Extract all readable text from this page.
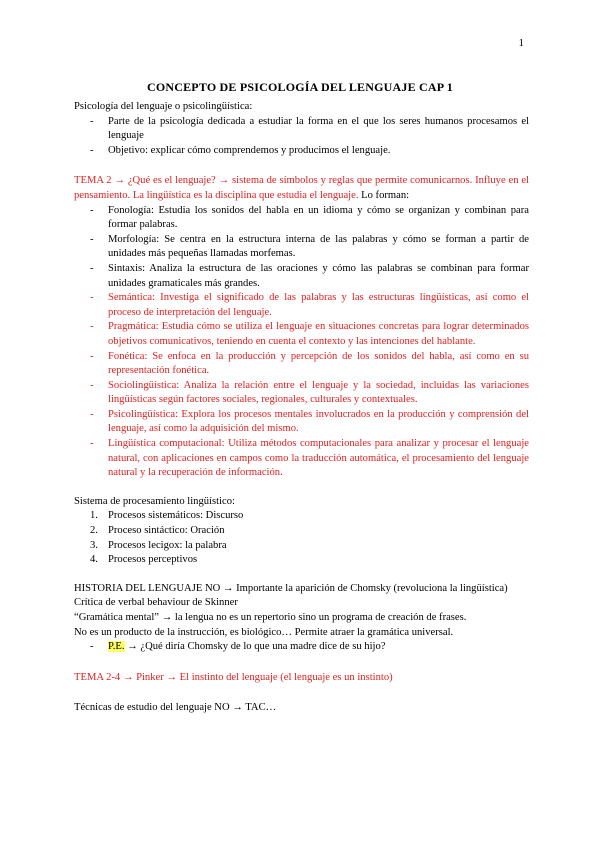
1
CONCEPTO DE PSICOLOGÍA DEL LENGUAJE CAP 1

Psicología del lenguaje o psicolingüística:

- Parte de la psicología dedicada a estudiar la forma en el que los seres humanos procesamos el lenguaje
- Objetivo: explicar cómo comprendemos y producimos el lenguaje.

TEMA 2 → ¿Qué es el lenguaje? → sistema de símbolos y reglas que permite comunicarnos. Influye en el pensamiento. La lingüística es la disciplina que estudia el lenguaje. Lo forman:

- Fonología: Estudia los sonidos del habla en un idioma y cómo se organizan y combinan para formar palabras.
- Morfología: Se centra en la estructura interna de las palabras y cómo se forman a partir de unidades más pequeñas llamadas morfemas.
- Sintaxis: Analiza la estructura de las oraciones y cómo las palabras se combinan para formar unidades gramaticales más grandes.
- Semántica: Investiga el significado de las palabras y las estructuras lingüísticas, así como el proceso de interpretación del lenguaje.
- Pragmática: Estudia cómo se utiliza el lenguaje en situaciones concretas para lograr determinados objetivos comunicativos, teniendo en cuenta el contexto y las intenciones del hablante.
- Fonética: Se enfoca en la producción y percepción de los sonidos del habla, así como en su representación fonética.
- Sociolingüística: Analiza la relación entre el lenguaje y la sociedad, incluidas las variaciones lingüísticas según factores sociales, regionales, culturales y contextuales.
- Psicolingüística: Explora los procesos mentales involucrados en la producción y comprensión del lenguaje, así como la adquisición del mismo.
- Lingüística computacional: Utiliza métodos computacionales para analizar y procesar el lenguaje natural, con aplicaciones en campos como la traducción automática, el procesamiento del lenguaje natural y la recuperación de información.

Sistema de procesamiento lingüístico:

1. Procesos sistemáticos: Discurso
2. Proceso sintáctico: Oración
3. Procesos lecigox: la palabra
4. Procesos perceptivos

HISTORIA DEL LENGUAJE NO → Importante la aparición de Chomsky (revoluciona la lingüística)

Crítica de verbal behaviour de Skinner

“Gramática mental” → la lengua no es un repertorio sino un programa de creación de frases.

No es un producto de la instrucción, es biológico… Permite atraer la gramática universal.

- P.E. → ¿Qué diría Chomsky de lo que una madre dice de su hijo?

TEMA 2-4 → Pinker → El instinto del lenguaje (el lenguaje es un instinto)

Técnicas de estudio del lenguaje NO → TAC…
